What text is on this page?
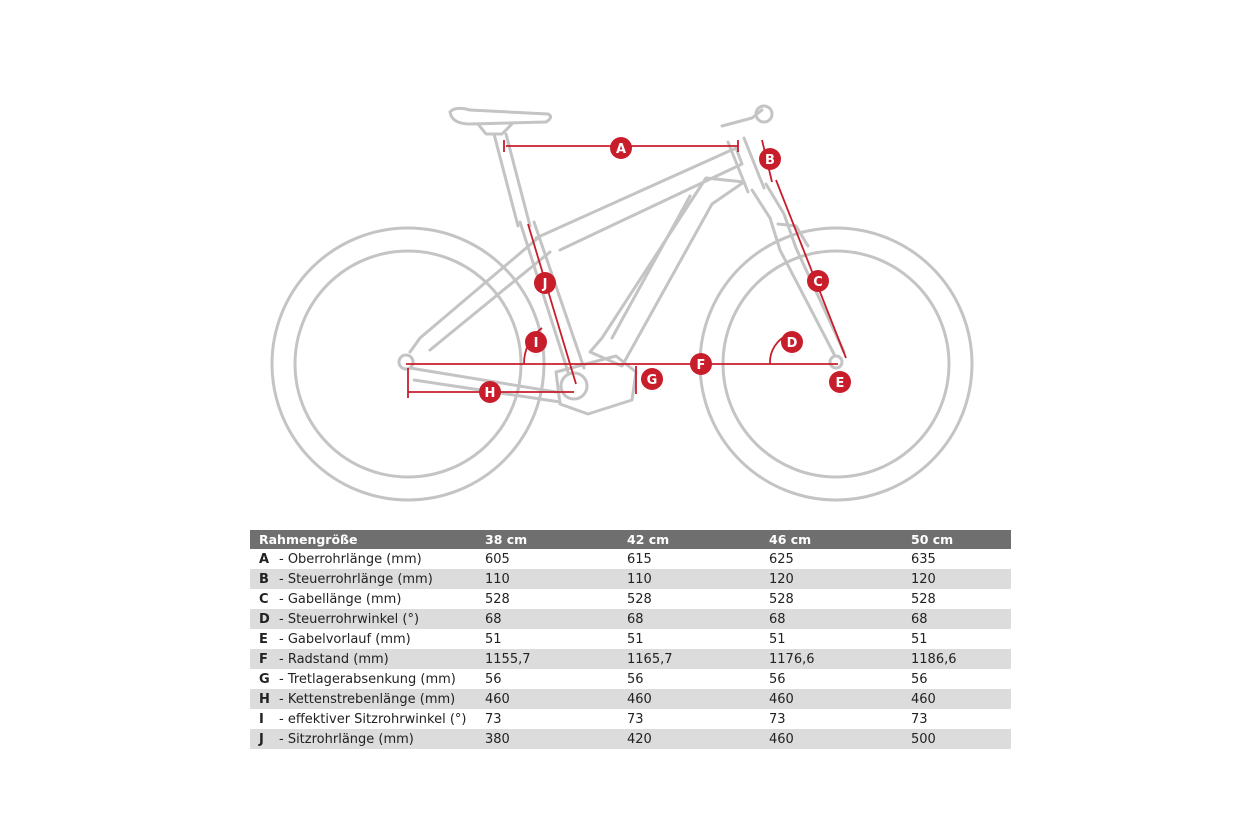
A
B
C
D
E
F
G
H
I
J
Rahmengröße	38 cm	42 cm	46 cm	50 cm
A - Oberrohrlänge (mm)	605	615	625	635
B - Steuerrohrlänge (mm)	110	110	120	120
C - Gabellänge (mm)	528	528	528	528
D - Steuerrohrwinkel (°)	68	68	68	68
E - Gabelvorlauf (mm)	51	51	51	51
F - Radstand (mm)	1155,7	1165,7	1176,6	1186,6
G - Tretlagerabsenkung (mm)	56	56	56	56
H - Kettenstrebenlänge (mm)	460	460	460	460
I - effektiver Sitzrohrwinkel (°)	73	73	73	73
J - Sitzrohrlänge (mm)	380	420	460	500
